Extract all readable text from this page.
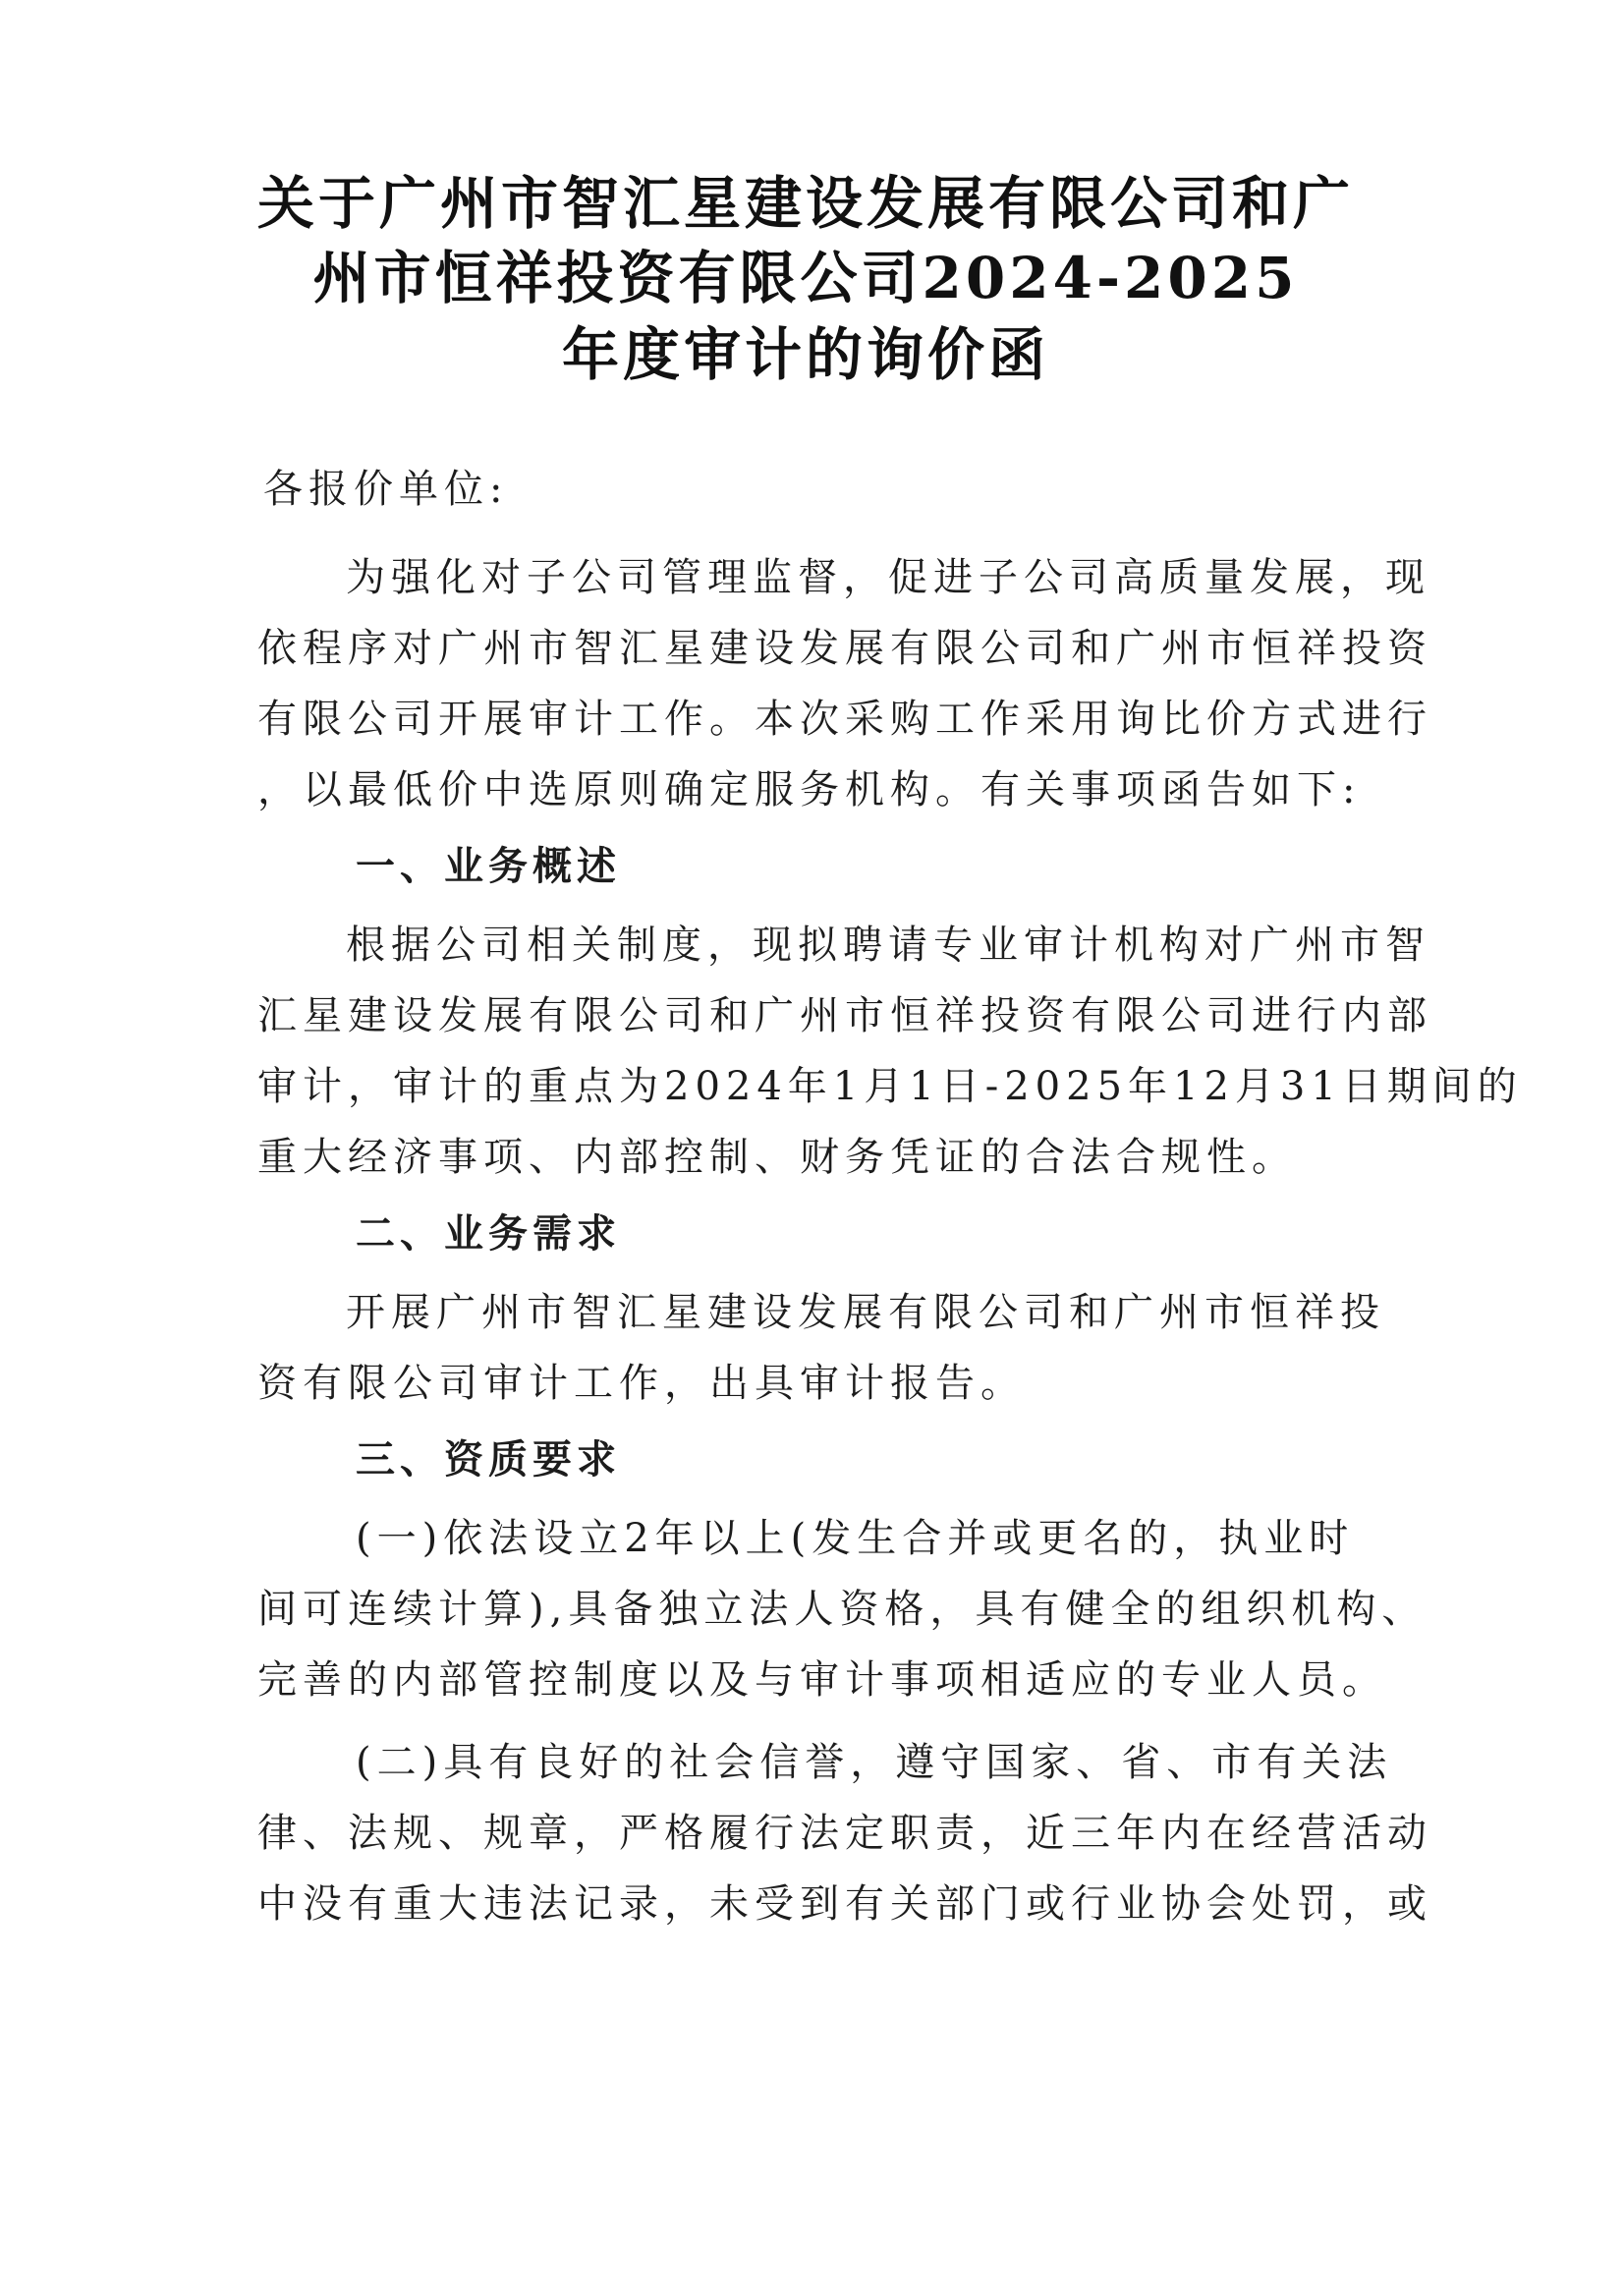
关于广州市智汇星建设发展有限公司和广
州市恒祥投资有限公司2024-2025
年度审计的询价函
各报价单位:
为强化对子公司管理监督，促进子公司高质量发展，现
依程序对广州市智汇星建设发展有限公司和广州市恒祥投资
有限公司开展审计工作。本次采购工作采用询比价方式进行
，以最低价中选原则确定服务机构。有关事项函告如下:
一、业务概述
根据公司相关制度，现拟聘请专业审计机构对广州市智
汇星建设发展有限公司和广州市恒祥投资有限公司进行内部
审计，审计的重点为2024年1月1日-2025年12月31日期间的
重大经济事项、内部控制、财务凭证的合法合规性。
二、业务需求
开展广州市智汇星建设发展有限公司和广州市恒祥投
资有限公司审计工作，出具审计报告。
三、资质要求
(一)依法设立2年以上(发生合并或更名的，执业时
间可连续计算),具备独立法人资格，具有健全的组织机构、
完善的内部管控制度以及与审计事项相适应的专业人员。
(二)具有良好的社会信誉，遵守国家、省、市有关法
律、法规、规章，严格履行法定职责，近三年内在经营活动
中没有重大违法记录，未受到有关部门或行业协会处罚，或
